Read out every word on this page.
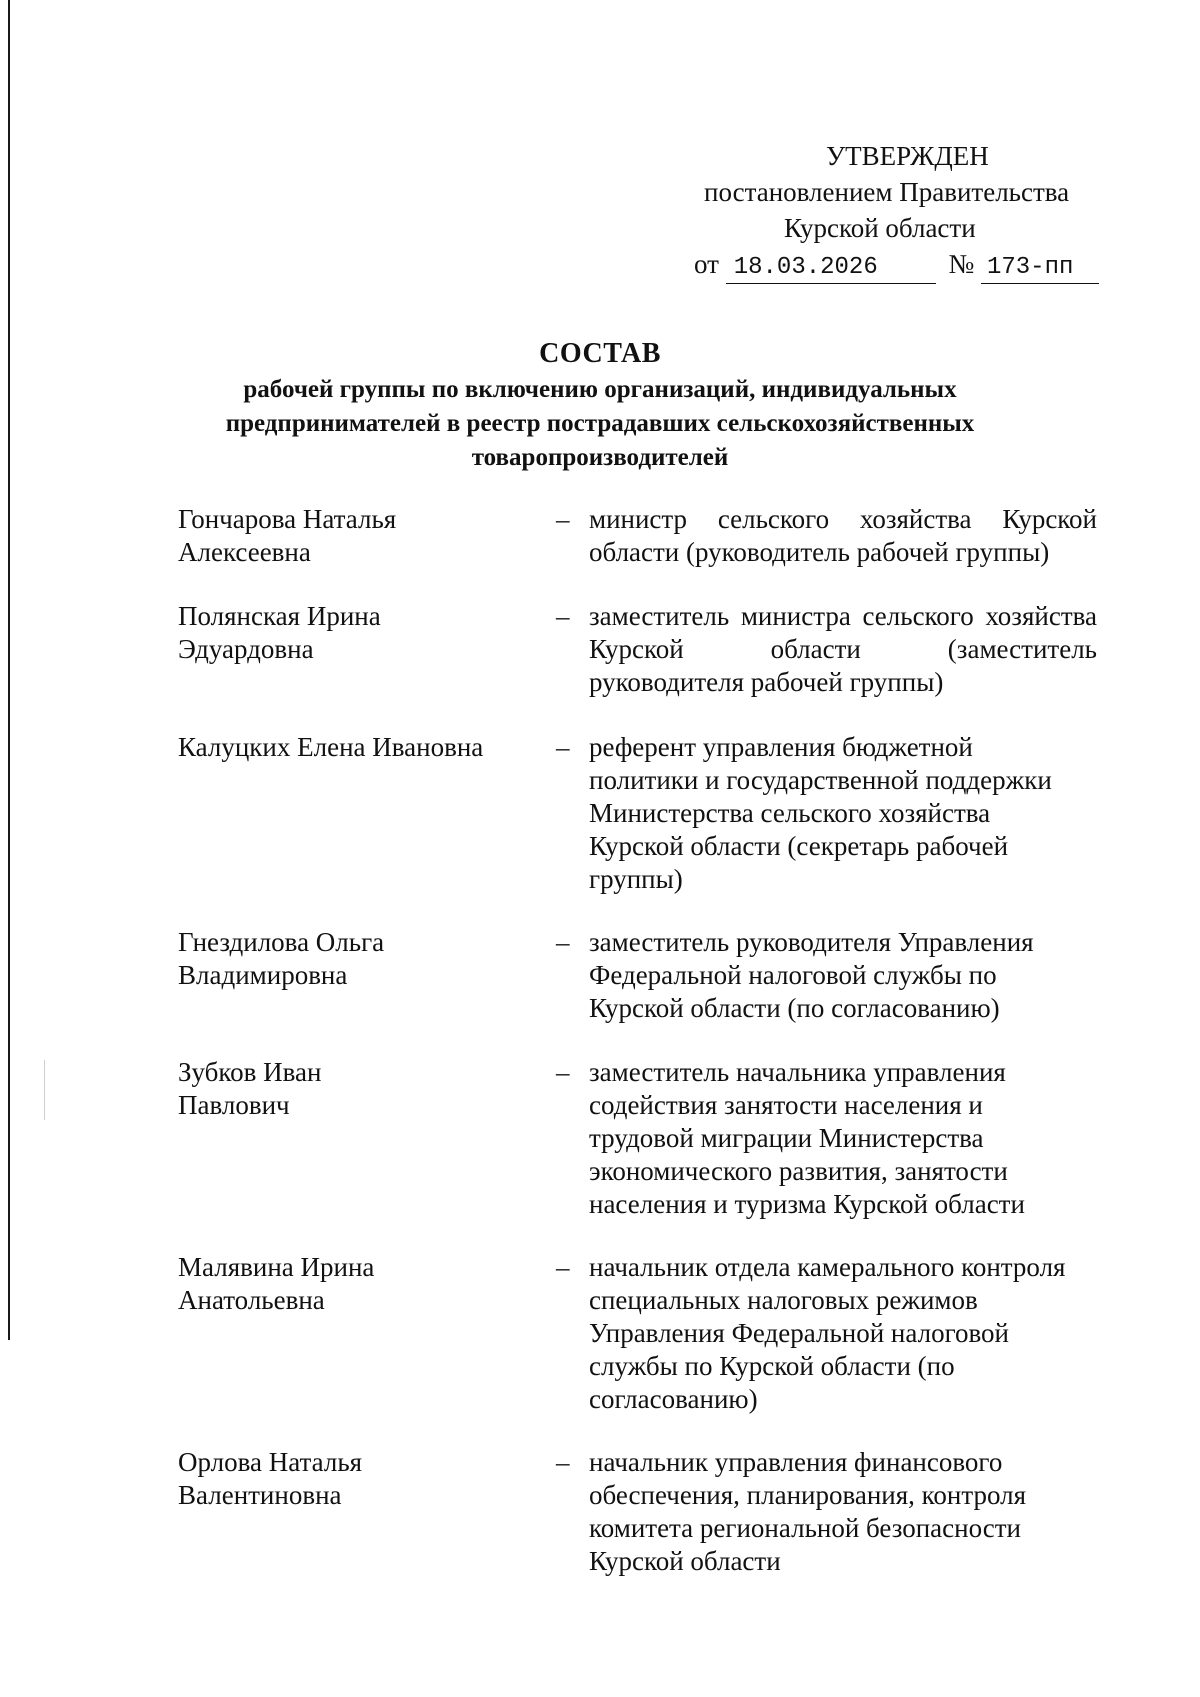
УТВЕРЖДЕН
постановлением Правительства
Курской области
от 18.03.2026	№ 173-пп
СОСТАВ
рабочей группы по включению организаций, индивидуальных предпринимателей в реестр пострадавших сельскохозяйственных товаропроизводителей
Гончарова Наталья Алексеевна
– министр сельского хозяйства Курской области (руководитель рабочей группы)
Полянская Ирина Эдуардовна
– заместитель министра сельского хозяйства Курской области (заместитель руководителя рабочей группы)
Калуцких Елена Ивановна	– референт управления бюджетной политики и государственной поддержки Министерства сельского хозяйства Курской области (секретарь рабочей группы)
Гнездилова Ольга Владимировна
– заместитель руководителя Управления Федеральной налоговой службы по Курской области (по согласованию)
Зубков Иван Павлович
– заместитель начальника управления содействия занятости населения и трудовой миграции Министерства экономического развития, занятости населения и туризма Курской области
Малявина Ирина Анатольевна
– начальник отдела камерального контроля специальных налоговых режимов Управления Федеральной налоговой службы по Курской области (по согласованию)
Орлова Наталья Валентиновна
– начальник управления финансового обеспечения, планирования, контроля комитета региональной безопасности Курской области
